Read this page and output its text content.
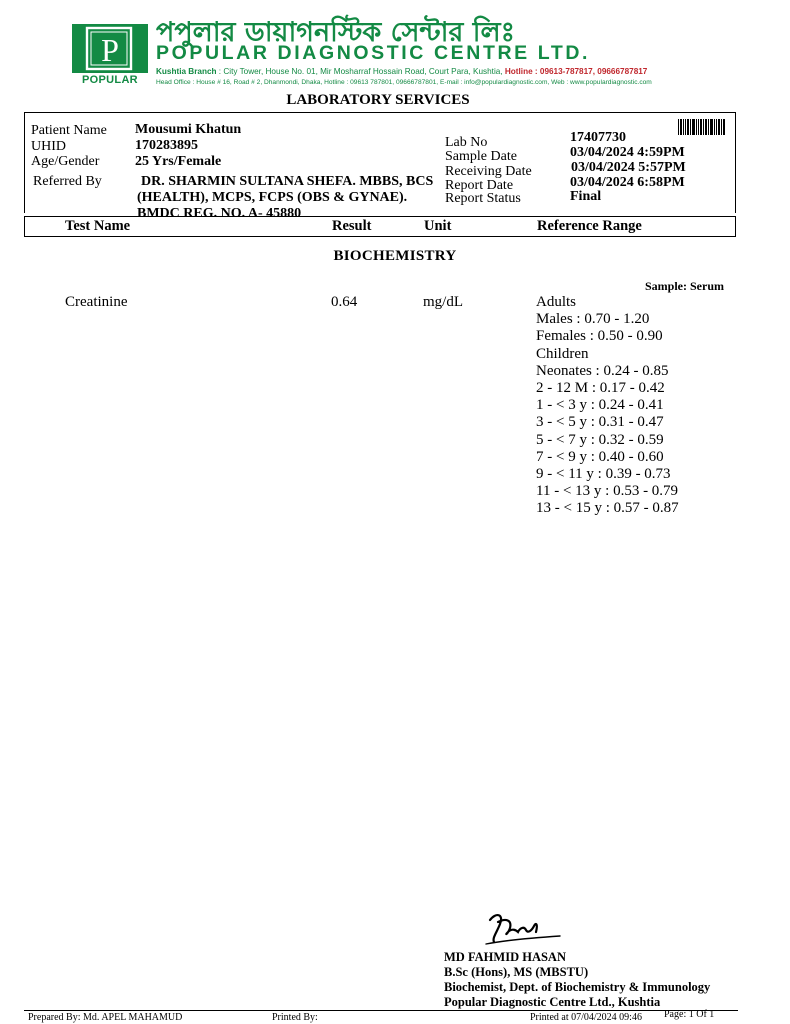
P
POPULAR
পপুলার ডায়াগনস্টিক সেন্টার লিঃ
POPULAR DIAGNOSTIC CENTRE LTD.
Kushtia Branch : City Tower, House No. 01, Mir Mosharraf Hossain Road, Court Para, Kushtia, Hotline : 09613-787817, 09666787817
Head Office : House # 16, Road # 2, Dhanmondi, Dhaka, Hotline : 09613 787801, 09666787801, E-mail : info@populardiagnostic.com, Web : www.populardiagnostic.com
LABORATORY SERVICES
Patient Name Mousumi Khatun
UHID	170283895
Age/Gender	25 Yrs/Female
Referred By	DR. SHARMIN SULTANA SHEFA. MBBS, BCS
(HEALTH), MCPS, FCPS (OBS & GYNAE).
BMDC REG. NO. A- 45880
Lab No	17407730
Sample Date	03/04/2024 4:59PM
Receiving Date	03/04/2024 5:57PM
Report Date	03/04/2024 6:58PM
Report Status	Final
Test Name	Result	Unit	Reference Range
BIOCHEMISTRY
Sample: Serum
Creatinine	0.64	mg/dL	Adults
Males : 0.70 - 1.20
Females : 0.50 - 0.90
Children
Neonates : 0.24 - 0.85
2 - 12 M : 0.17 - 0.42
1 - < 3 y : 0.24 - 0.41
3 - < 5 y : 0.31 - 0.47
5 - < 7 y : 0.32 - 0.59
7 - < 9 y : 0.40 - 0.60
9 - < 11 y : 0.39 - 0.73
11 - < 13 y : 0.53 - 0.79
13 - < 15 y : 0.57 - 0.87
MD FAHMID HASAN
B.Sc (Hons), MS (MBSTU)
Biochemist, Dept. of Biochemistry & Immunology
Popular Diagnostic Centre Ltd., Kushtia
Prepared By: Md. APEL MAHAMUD	Printed By:	Printed at 07/04/2024 09:46 Page: 1 Of 1
